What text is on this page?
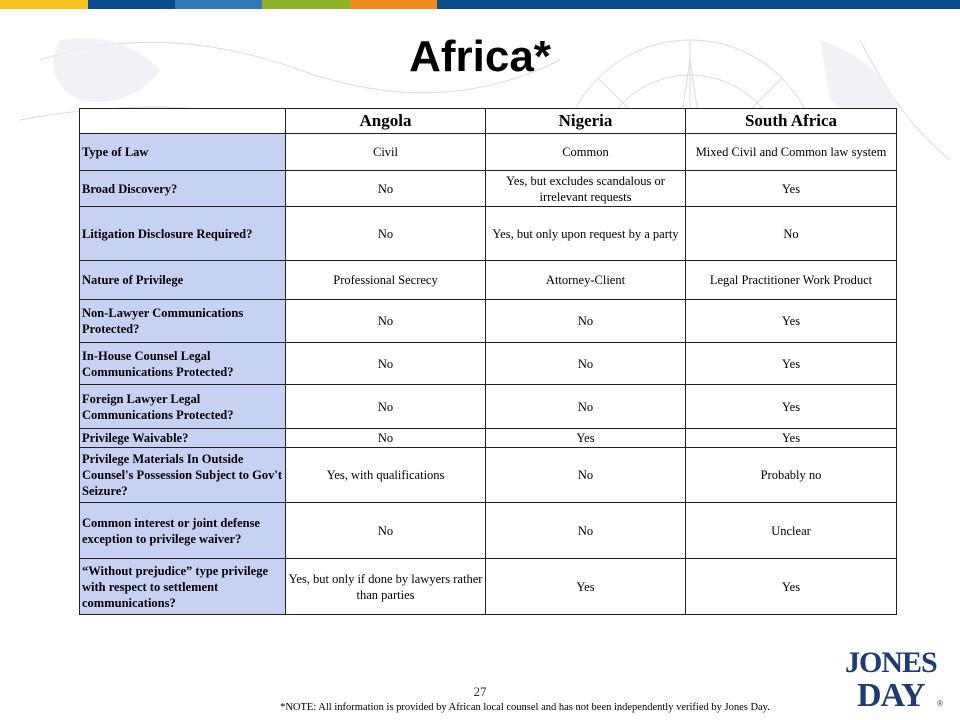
Africa*
	Angola	Nigeria	South Africa
Type of Law	Civil	Common	Mixed Civil and Common law system
Broad Discovery?	No	Yes, but excludes scandalous or irrelevant requests	Yes
Litigation Disclosure Required?	No	Yes, but only upon request by a party	No
Nature of Privilege	Professional Secrecy	Attorney-Client	Legal Practitioner Work Product
Non-Lawyer Communications Protected?	No	No	Yes
In-House Counsel Legal Communications Protected?	No	No	Yes
Foreign Lawyer Legal Communications Protected?	No	No	Yes
Privilege Waivable?	No	Yes	Yes
Privilege Materials In Outside Counsel's Possession Subject to Gov't Seizure?	Yes, with qualifications	No	Probably no
Common interest or joint defense exception to privilege waiver?	No	No	Unclear
“Without prejudice” type privilege with respect to settlement communications?	Yes, but only if done by lawyers rather than parties	Yes	Yes
27
*NOTE: All information is provided by African local counsel and has not been independently verified by Jones Day.
JONES
DAY ®
